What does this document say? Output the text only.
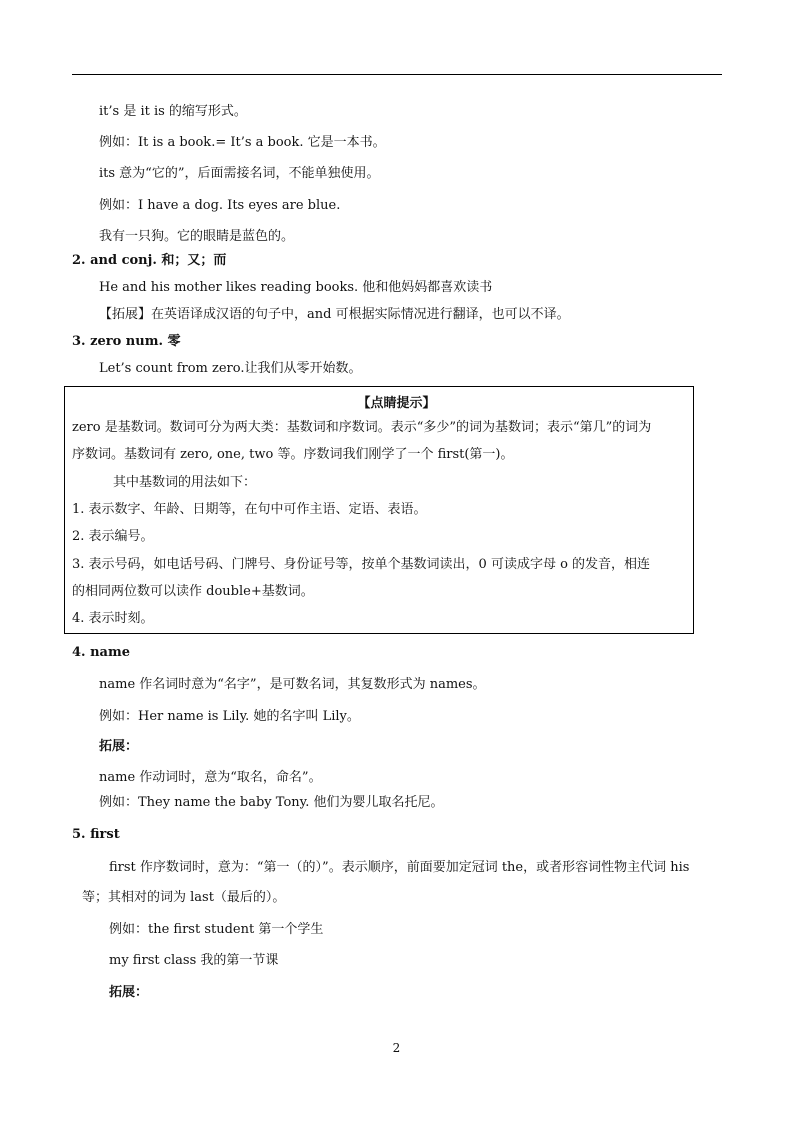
it’s 是 it is 的缩写形式。
例如：It is a book.= It’s a book. 它是一本书。
its 意为“它的”，后面需接名词，不能单独使用。
例如：I have a dog. Its eyes are blue.
我有一只狗。它的眼睛是蓝色的。
2. and conj. 和；又；而
He and his mother likes reading books. 他和他妈妈都喜欢读书
【拓展】在英语译成汉语的句子中，and 可根据实际情况进行翻译，也可以不译。
3. zero num. 零
Let’s count from zero.让我们从零开始数。
【点睛提示】
zero 是基数词。数词可分为两大类：基数词和序数词。表示“多少”的词为基数词；表示“第几”的词为
序数词。基数词有 zero, one, two 等。序数词我们刚学了一个 first(第一)。
其中基数词的用法如下：
1. 表示数字、年龄、日期等，在句中可作主语、定语、表语。
2. 表示编号。
3. 表示号码，如电话号码、门牌号、身份证号等，按单个基数词读出，0 可读成字母 o 的发音，相连
的相同两位数可以读作 double+基数词。
4. 表示时刻。
4. name
name 作名词时意为“名字”，是可数名词，其复数形式为 names。
例如：Her name is Lily. 她的名字叫 Lily。
拓展：
name 作动词时，意为“取名，命名”。
例如：They name the baby Tony. 他们为婴儿取名托尼。
5. first
first 作序数词时，意为：“第一（的）”。表示顺序，前面要加定冠词 the，或者形容词性物主代词 his
等；其相对的词为 last（最后的）。
例如：the first student 第一个学生
my first class 我的第一节课
拓展：
2
